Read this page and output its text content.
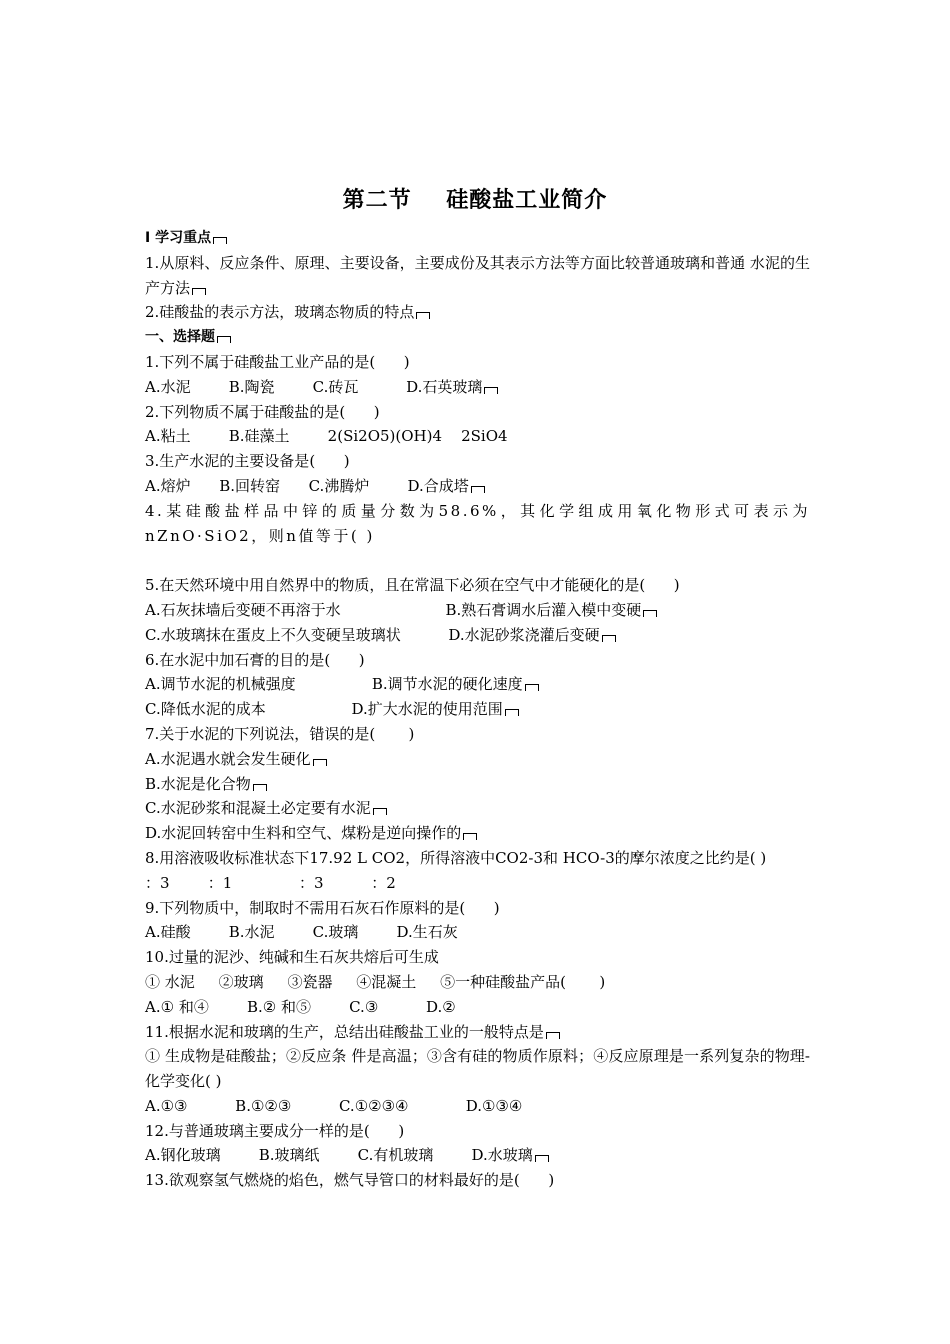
第二节    硅酸盐工业简介
Ⅰ 学习重点
1.从原料、反应条件、原理、主要设备，主要成份及其表示方法等方面比较普通玻璃和普通 水泥的生产方法
2.硅酸盐的表示方法，玻璃态物质的特点
一、选择题
1.下列不属于硅酸盐工业产品的是(      )
A.水泥        B.陶瓷        C.砖瓦          D.石英玻璃
2.下列物质不属于硅酸盐的是(      )
A.粘土        B.硅藻土        2(Si2O5)(OH)4    2SiO4
3.生产水泥的主要设备是(      )
A.熔炉      B.回转窑      C.沸腾炉        D.合成塔
4.某硅酸盐样品中锌的质量分数为58.6%，其化学组成用氧化物形式可表示为 nZnO·SiO2，则n值等于( )
5.在天然环境中用自然界中的物质，且在常温下必须在空气中才能硬化的是(      )
A.石灰抹墙后变硬不再溶于水                      B.熟石膏调水后灌入模中变硬
C.水玻璃抹在蛋皮上不久变硬呈玻璃状          D.水泥砂浆浇灌后变硬
6.在水泥中加石膏的目的是(      )
A.调节水泥的机械强度                B.调节水泥的硬化速度
C.降低水泥的成本                  D.扩大水泥的使用范围
7.关于水泥的下列说法，错误的是(       )
A.水泥遇水就会发生硬化
B.水泥是化合物
C.水泥砂浆和混凝土必定要有水泥
D.水泥回转窑中生料和空气、煤粉是逆向操作的
8.用溶液吸收标准状态下17.92 L CO2，所得溶液中CO2-3和 HCO-3的摩尔浓度之比约是( )
：3        ：1              ：3          ：2
9.下列物质中，制取时不需用石灰石作原料的是(      )
A.硅酸        B.水泥        C.玻璃        D.生石灰
10.过量的泥沙、纯碱和生石灰共熔后可生成
① 水泥     ②玻璃     ③瓷器     ④混凝土     ⑤一种硅酸盐产品(       )
A.① 和④        B.② 和⑤        C.③          D.②
11.根据水泥和玻璃的生产，总结出硅酸盐工业的一般特点是
① 生成物是硅酸盐；②反应条 件是高温；③含有硅的物质作原料；④反应原理是一系列复杂的物理-化学变化( )
A.①③          B.①②③          C.①②③④            D.①③④
12.与普通玻璃主要成分一样的是(      )
A.钢化玻璃        B.玻璃纸        C.有机玻璃        D.水玻璃
13.欲观察氢气燃烧的焰色，燃气导管口的材料最好的是(      )
